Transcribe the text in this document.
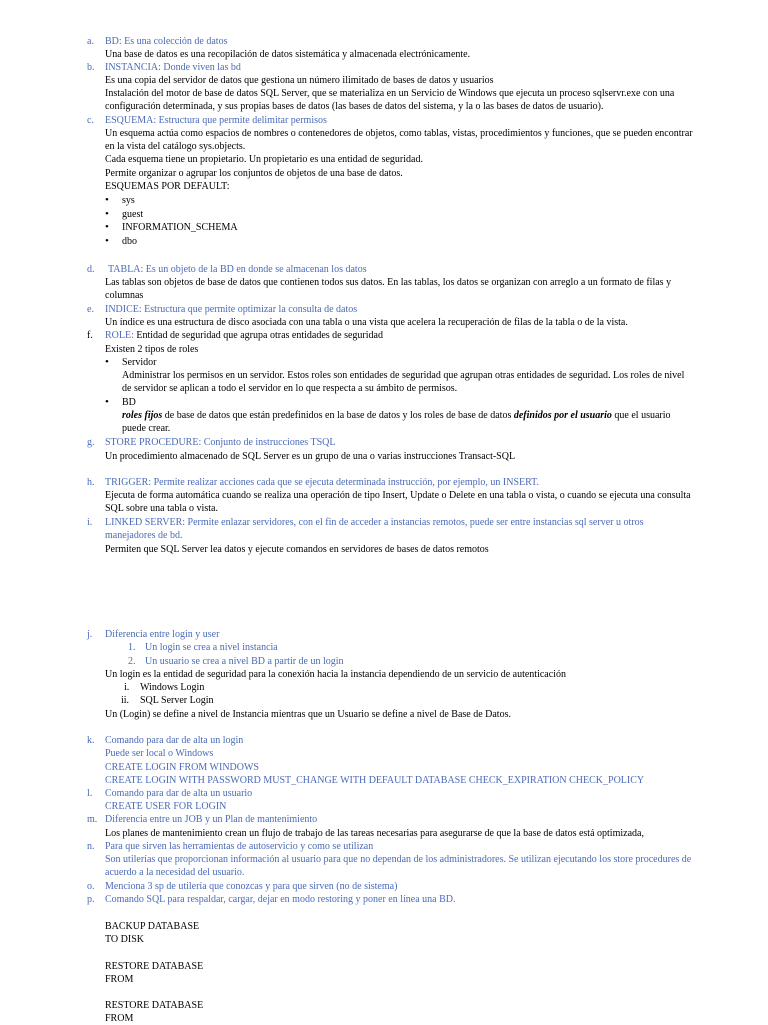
a. BD: Es una colección de datos
Una base de datos es una recopilación de datos sistemática y almacenada electrónicamente.
b. INSTANCIA: Donde viven las bd
Es una copia del servidor de datos que gestiona un número ilimitado de bases de datos y usuarios
Instalación del motor de base de datos SQL Server, que se materializa en un Servicio de Windows que ejecuta un proceso sqlservr.exe con una
configuración determinada, y sus propias bases de datos (las bases de datos del sistema, y la o las bases de datos de usuario).
c. ESQUEMA: Estructura que permite delimitar permisos
Un esquema actúa como espacios de nombres o contenedores de objetos, como tablas, vistas, procedimientos y funciones, que se pueden encontrar
en la vista del catálogo sys.objects.
Cada esquema tiene un propietario. Un propietario es una entidad de seguridad.
Permite organizar o agrupar los conjuntos de objetos de una base de datos.
ESQUEMAS POR DEFAULT:
• sys
• guest
• INFORMATION_SCHEMA
• dbo
d. TABLA: Es un objeto de la BD en donde se almacenan los datos
Las tablas son objetos de base de datos que contienen todos sus datos. En las tablas, los datos se organizan con arreglo a un formato de filas y
columnas
e. INDICE: Estructura que permite optimizar la consulta de datos
Un índice es una estructura de disco asociada con una tabla o una vista que acelera la recuperación de filas de la tabla o de la vista.
f. ROLE: Entidad de seguridad que agrupa otras entidades de seguridad
Existen 2 tipos de roles
• Servidor
Administrar los permisos en un servidor. Estos roles son entidades de seguridad que agrupan otras entidades de seguridad. Los roles de nivel
de servidor se aplican a todo el servidor en lo que respecta a su ámbito de permisos.
• BD
roles fijos de base de datos que están predefinidos en la base de datos y los roles de base de datos definidos por el usuario que el usuario
puede crear.
g. STORE PROCEDURE: Conjunto de instrucciones TSQL
Un procedimiento almacenado de SQL Server es un grupo de una o varias instrucciones Transact-SQL
h. TRIGGER: Permite realizar acciones cada que se ejecuta determinada instrucción, por ejemplo, un INSERT.
Ejecuta de forma automática cuando se realiza una operación de tipo Insert, Update o Delete en una tabla o vista, o cuando se ejecuta una consulta
SQL sobre una tabla o vista.
i. LINKED SERVER: Permite enlazar servidores, con el fin de acceder a instancias remotos, puede ser entre instancias sql server u otros
manejadores de bd.
Permiten que SQL Server lea datos y ejecute comandos en servidores de bases de datos remotos
j. Diferencia entre login y user
1. Un login se crea a nivel instancia
2. Un usuario se crea a nivel BD a partir de un login
Un login es la entidad de seguridad para la conexión hacia la instancia dependiendo de un servicio de autenticación
i. Windows Login
ii. SQL Server Login
Un (Login) se define a nivel de Instancia mientras que un Usuario se define a nivel de Base de Datos.
k. Comando para dar de alta un login
Puede ser local o Windows
CREATE LOGIN FROM WINDOWS
CREATE LOGIN WITH PASSWORD MUST_CHANGE WITH DEFAULT DATABASE CHECK_EXPIRATION CHECK_POLICY
l. Comando para dar de alta un usuario
CREATE USER FOR LOGIN
m. Diferencia entre un JOB y un Plan de mantenimiento
Los planes de mantenimiento crean un flujo de trabajo de las tareas necesarias para asegurarse de que la base de datos está optimizada,
n. Para que sirven las herramientas de autoservicio y como se utilizan
Son utilerías que proporcionan información al usuario para que no dependan de los administradores. Se utilizan ejecutando los store procedures de
acuerdo a la necesidad del usuario.
o. Menciona 3 sp de utilería que conozcas y para que sirven (no de sistema)
p. Comando SQL para respaldar, cargar, dejar en modo restoring y poner en línea una BD.
BACKUP DATABASE
TO DISK
RESTORE DATABASE
FROM
RESTORE DATABASE
FROM
